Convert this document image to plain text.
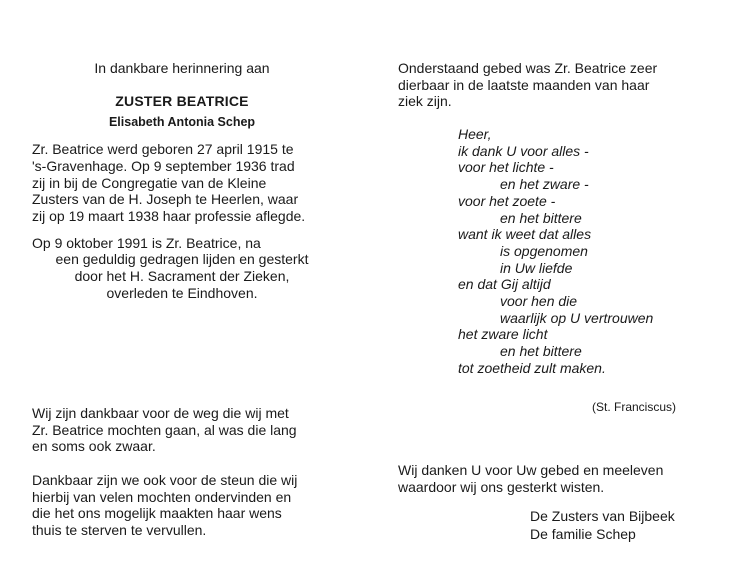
In dankbare herinnering aan
ZUSTER BEATRICE
Elisabeth Antonia Schep
Zr. Beatrice werd geboren 27 april 1915 te
's-Gravenhage. Op 9 september 1936 trad
zij in bij de Congregatie van de Kleine
Zusters van de H. Joseph te Heerlen, waar
zij op 19 maart 1938 haar professie aflegde.
Op 9 oktober 1991 is Zr. Beatrice, na
een geduldig gedragen lijden en gesterkt
door het H. Sacrament der Zieken,
overleden te Eindhoven.
Wij zijn dankbaar voor de weg die wij met
Zr. Beatrice mochten gaan, al was die lang
en soms ook zwaar.
Dankbaar zijn we ook voor de steun die wij
hierbij van velen mochten ondervinden en
die het ons mogelijk maakten haar wens
thuis te sterven te vervullen.
Onderstaand gebed was Zr. Beatrice zeer
dierbaar in de laatste maanden van haar
ziek zijn.
Heer,
ik dank U voor alles -
voor het lichte -
en het zware -
voor het zoete -
en het bittere
want ik weet dat alles
is opgenomen
in Uw liefde
en dat Gij altijd
voor hen die
waarlijk op U vertrouwen
het zware licht
en het bittere
tot zoetheid zult maken.
(St. Franciscus)
Wij danken U voor Uw gebed en meeleven
waardoor wij ons gesterkt wisten.
De Zusters van Bijbeek
De familie Schep
